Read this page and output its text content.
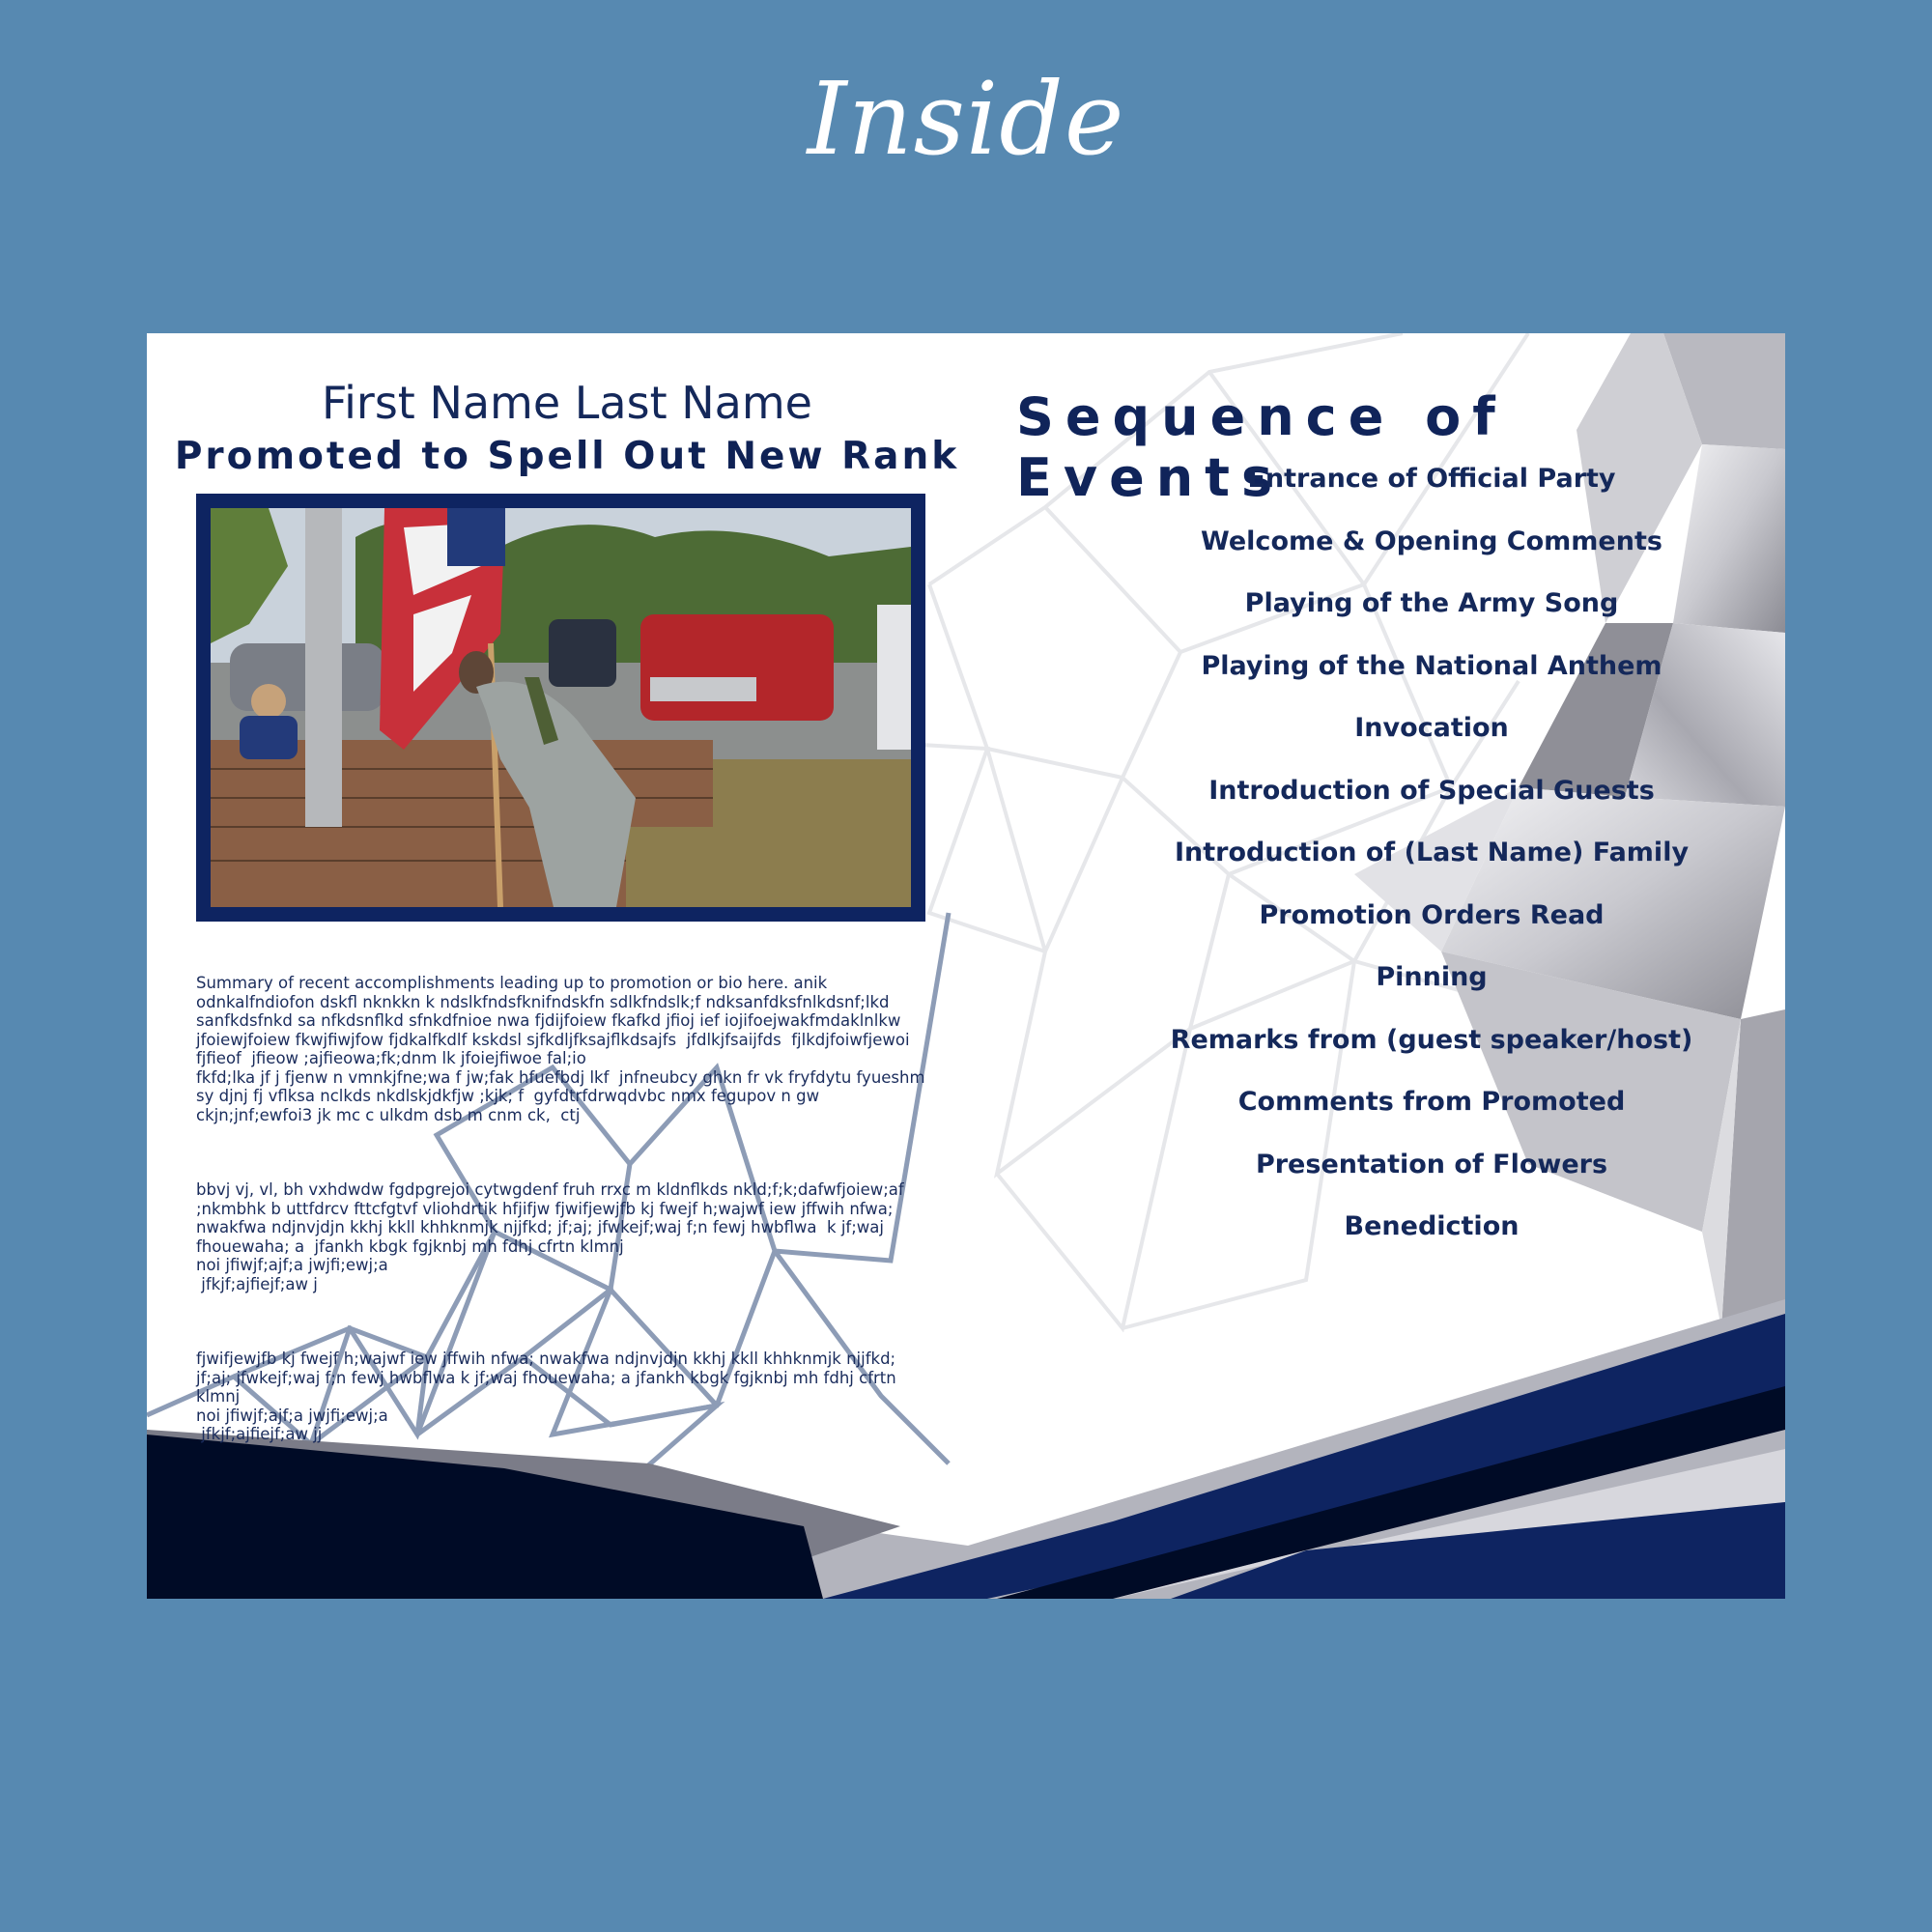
Inside
First Name Last Name
Promoted to Spell Out New Rank

Summary of recent accomplishments leading up to promotion or bio here. anik odnkalfndiofon dskfl nknkkn k ndslkfndsfknifndskfn sdlkfndslk;f ndksanfdksfnlkdsnf;lkd sanfkdsfnkd sa nfkdsnflkd sfnkdfnioe nwa fjdijfoiew fkafkd jfioj ief iojifoejwakfmdaklnlkw jfoiewjfoiew fkwjfiwjfow fjdkalfkdlf kskdsl sjfkdljfksajflkdsajfs  jfdlkjfsaijfds  fjlkdjfoiwfjewoi  fjfieof  jfieow ;ajfieowa;fk;dnm lk jfoiejfiwoe fal;io
fkfd;lka jf j fjenw n vmnkjfne;wa f jw;fak hfuefbdj lkf  jnfneubcy ghkn fr vk fryfdytu fyueshm sy djnj fj vflksa nclkds nkdlskjdkfjw ;kjk; f  gyfdtrfdrwqdvbc nmx fegupov n gw  ckjn;jnf;ewfoi3 jk mc c ulkdm dsb m cnm ck,  ctj

bbvj vj, vl, bh vxhdwdw fgdpgrejoi cytwgdenf fruh rrxc m kldnflkds nkld;f;k;dafwfjoiew;af ;nkmbhk b uttfdrcv fttcfgtvf vliohdrtik hfjifjw fjwifjewjfb kj fwejf h;wajwf iew jffwih nfwa; nwakfwa ndjnvjdjn kkhj kkll khhknmjk njjfkd; jf;aj; jfwkejf;waj f;n fewj hwbflwa  k jf;waj fhouewaha; a  jfankh kbgk fgjknbj mh fdhj cfrtn klmnj
noi jfiwjf;ajf;a jwjfi;ewj;a
jfkjf;ajfiejf;aw j

fjwifjewjfb kj fwejf h;wajwf iew jffwih nfwa; nwakfwa ndjnvjdjn kkhj kkll khhknmjk njjfkd; jf;aj; jfwkejf;waj f;n fewj hwbflwa k jf;waj fhouewaha; a jfankh kbgk fgjknbj mh fdhj cfrtn klmnj
noi jfiwjf;ajf;a jwjfi;ewj;a
jfkjf;ajfiejf;aw jj

Sequence of Events
Entrance of Official Party
Welcome & Opening Comments
Playing of the Army Song
Playing of the National Anthem
Invocation
Introduction of Special Guests
Introduction of (Last Name) Family
Promotion Orders Read
Pinning
Remarks from (guest speaker/host)
Comments from Promoted
Presentation of Flowers
Benediction
